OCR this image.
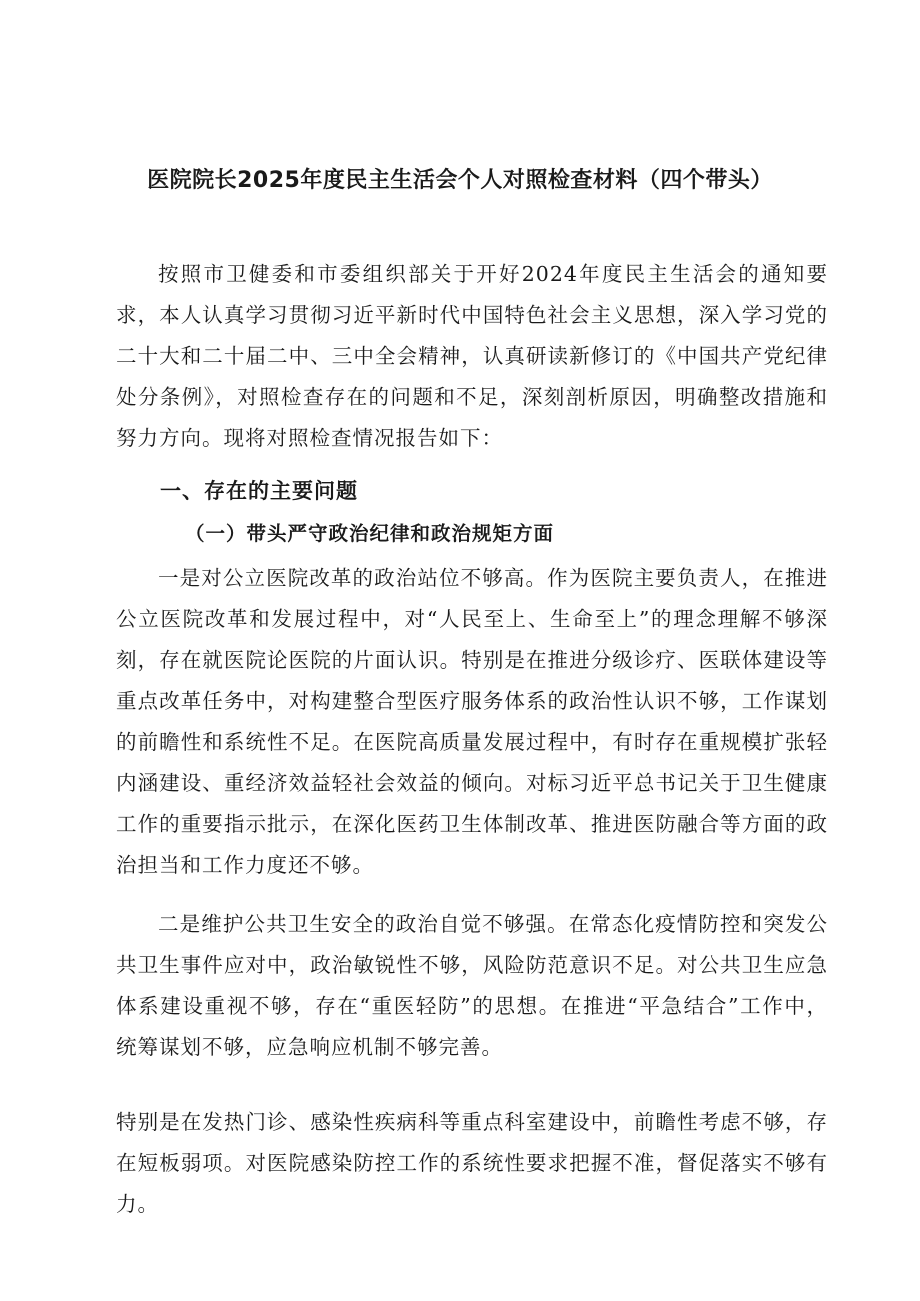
医院院长2025年度民主生活会个人对照检查材料（四个带头）

按照市卫健委和市委组织部关于开好2024年度民主生活会的通知要求，本人认真学习贯彻习近平新时代中国特色社会主义思想，深入学习党的二十大和二十届二中、三中全会精神，认真研读新修订的《中国共产党纪律处分条例》，对照检查存在的问题和不足，深刻剖析原因，明确整改措施和努力方向。现将对照检查情况报告如下：

一、存在的主要问题
（一）带头严守政治纪律和政治规矩方面

一是对公立医院改革的政治站位不够高。作为医院主要负责人，在推进公立医院改革和发展过程中，对“人民至上、生命至上”的理念理解不够深刻，存在就医院论医院的片面认识。特别是在推进分级诊疗、医联体建设等重点改革任务中，对构建整合型医疗服务体系的政治性认识不够，工作谋划的前瞻性和系统性不足。在医院高质量发展过程中，有时存在重规模扩张轻内涵建设、重经济效益轻社会效益的倾向。对标习近平总书记关于卫生健康工作的重要指示批示，在深化医药卫生体制改革、推进医防融合等方面的政治担当和工作力度还不够。

二是维护公共卫生安全的政治自觉不够强。在常态化疫情防控和突发公共卫生事件应对中，政治敏锐性不够，风险防范意识不足。对公共卫生应急体系建设重视不够，存在“重医轻防”的思想。在推进“平急结合”工作中，统筹谋划不够，应急响应机制不够完善。

特别是在发热门诊、感染性疾病科等重点科室建设中，前瞻性考虑不够，存在短板弱项。对医院感染防控工作的系统性要求把握不准，督促落实不够有力。
